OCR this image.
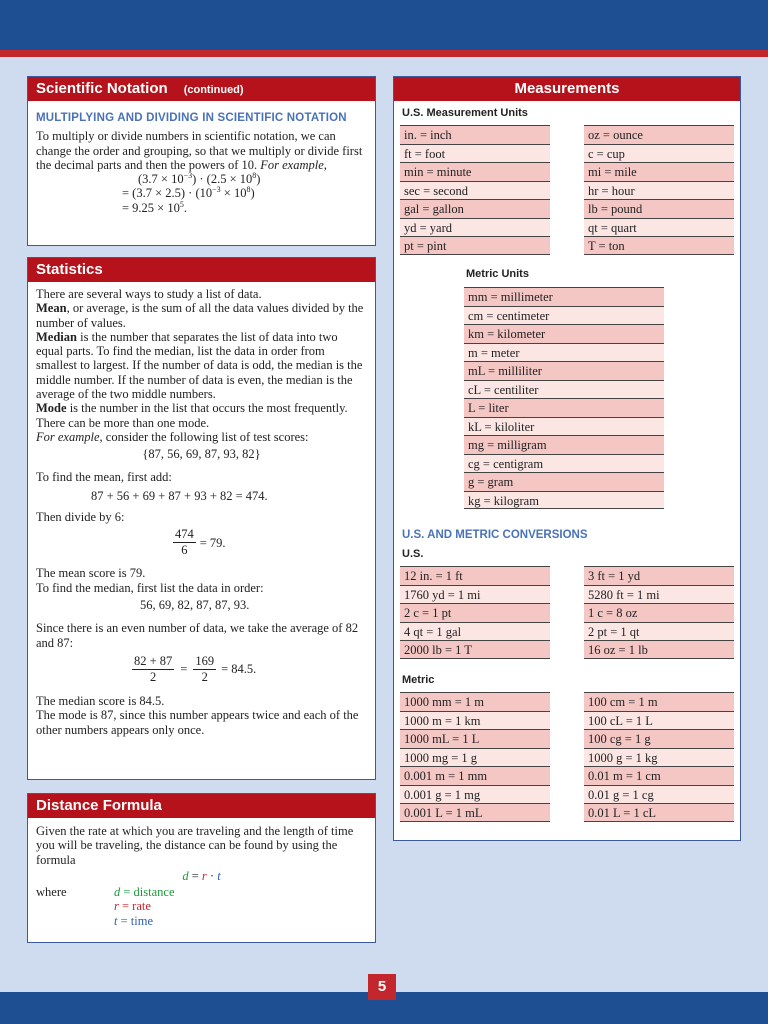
Scientific Notation (continued)
MULTIPLYING AND DIVIDING IN SCIENTIFIC NOTATION

To multiply or divide numbers in scientific notation, we can change the order and grouping, so that we multiply or divide first the decimal parts and then the powers of 10. For example,

$(3.7 \times 10^{-3}) \cdot (2.5 \times 10^8)$
= $(3.7 \times 2.5) \cdot (10^{-3} \times 10^8)$
= $9.25 \times 10^5$.
Statistics

There are several ways to study a list of data.

Mean, or average, is the sum of all the data values divided by the number of values.

Median is the number that separates the list of data into two equal parts. To find the median, list the data in order from smallest to largest. If the number of data is odd, the median is the middle number. If the number of data is even, the median is the average of the two middle numbers.

Mode is the number in the list that occurs the most frequently. There can be more than one mode.

For example, consider the following list of test scores:

{87, 56, 69, 87, 93, 82}

To find the mean, first add:

87 + 56 + 69 + 87 + 93 + 82 = 474.

Then divide by 6:

$\frac{474}{6} = 79$.

The mean score is 79.

To find the median, first list the data in order:

56, 69, 82, 87, 87, 93.

Since there is an even number of data, we take the average of 82 and 87:

$\frac{82 + 87}{2} = \frac{169}{2} = 84.5$.

The median score is 84.5.

The mode is 87, since this number appears twice and each of the other numbers appears only once.

Distance Formula

Given the rate at which you are traveling and the length of time you will be traveling, the distance can be found by using the formula

d = r · t

where	d = distance
r = rate
t = time
Measurements
U.S. Measurement Units
in. = inch
ft = foot
min = minute
sec = second
gal = gallon
yd = yard
pt = pint
oz = ounce
c = cup
mi = mile
hr = hour
lb = pound
qt = quart
T = ton
Metric Units
mm = millimeter
cm = centimeter
km = kilometer
m = meter
mL = milliliter
cL = centiliter
L = liter
kL = kiloliter
mg = milligram
cg = centigram
g = gram
kg = kilogram
U.S. AND METRIC CONVERSIONS
U.S.
12 in. = 1 ft
1760 yd = 1 mi
2 c = 1 pt
4 qt = 1 gal
2000 lb = 1 T
3 ft = 1 yd
5280 ft = 1 mi
1 c = 8 oz
2 pt = 1 qt
16 oz = 1 lb
Metric
1000 mm = 1 m
1000 m = 1 km
1000 mL = 1 L
1000 mg = 1 g
0.001 m = 1 mm
0.001 g = 1 mg
0.001 L = 1 mL
100 cm = 1 m
100 cL = 1 L
100 cg = 1 g
1000 g = 1 kg
0.01 m = 1 cm
0.01 g = 1 cg
0.01 L = 1 cL
5
